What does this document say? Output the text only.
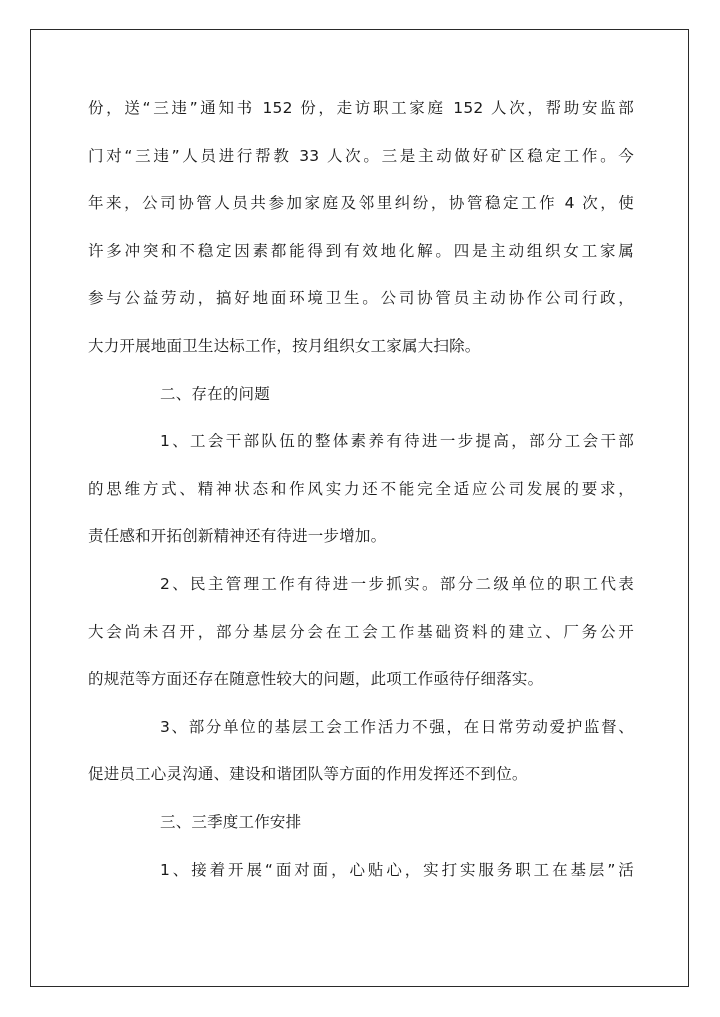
份，送“三违”通知书 152 份，走访职工家庭 152 人次，帮助安监部
门对“三违”人员进行帮教 33 人次。三是主动做好矿区稳定工作。今
年来，公司协管人员共参加家庭及邻里纠纷，协管稳定工作 4 次，使
许多冲突和不稳定因素都能得到有效地化解。四是主动组织女工家属
参与公益劳动，搞好地面环境卫生。公司协管员主动协作公司行政，
大力开展地面卫生达标工作，按月组织女工家属大扫除。
二、存在的问题
1、工会干部队伍的整体素养有待进一步提高，部分工会干部
的思维方式、精神状态和作风实力还不能完全适应公司发展的要求，
责任感和开拓创新精神还有待进一步增加。
2、民主管理工作有待进一步抓实。部分二级单位的职工代表
大会尚未召开，部分基层分会在工会工作基础资料的建立、厂务公开
的规范等方面还存在随意性较大的问题，此项工作亟待仔细落实。
3、部分单位的基层工会工作活力不强，在日常劳动爱护监督、
促进员工心灵沟通、建设和谐团队等方面的作用发挥还不到位。
三、三季度工作安排
1、接着开展“面对面，心贴心，实打实服务职工在基层”活
